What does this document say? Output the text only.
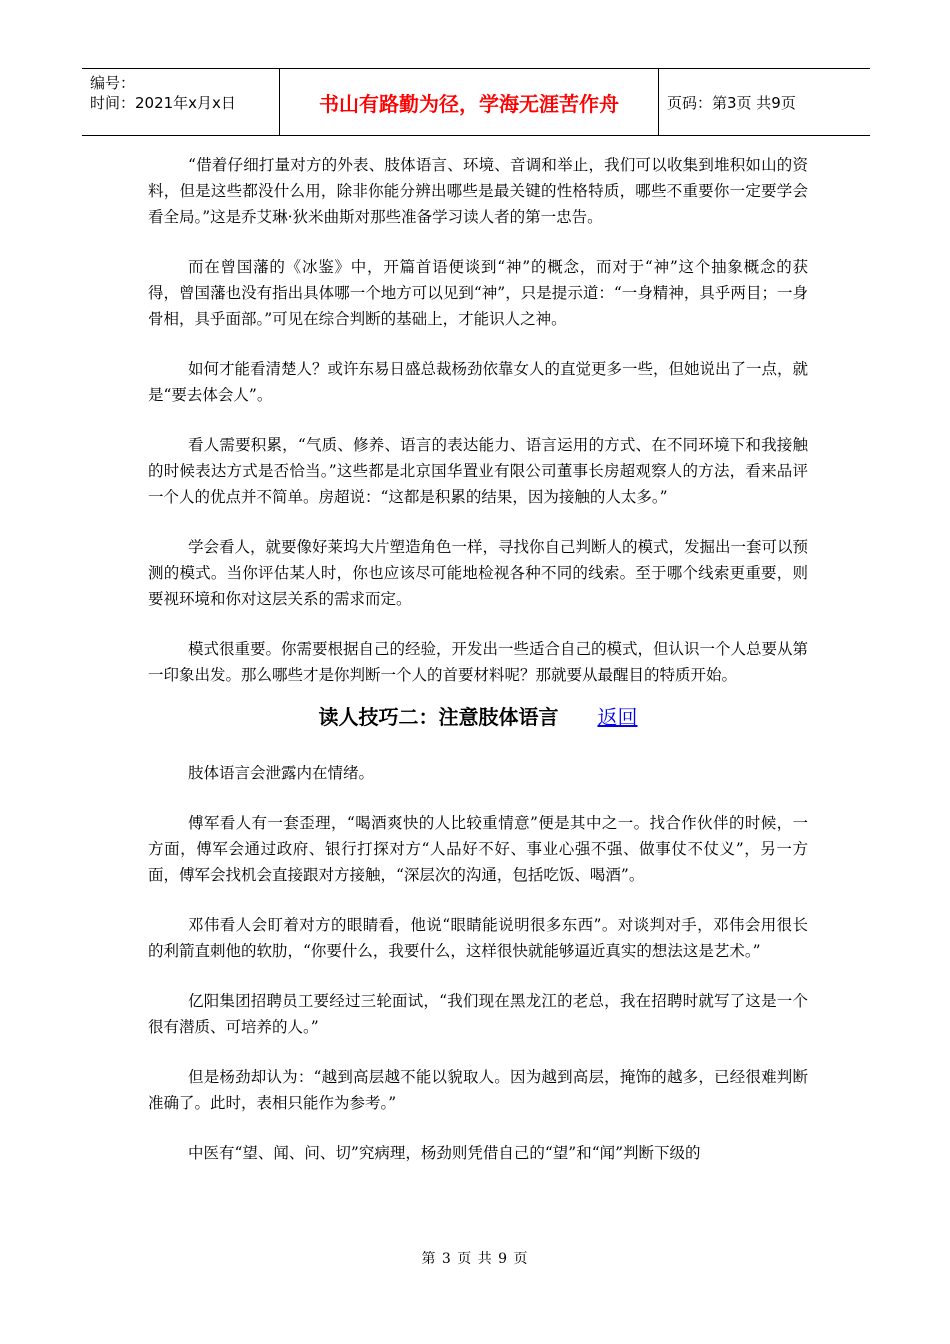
编号：
时间：2021年x月x日	书山有路勤为径，学海无涯苦作舟	页码：第3页 共9页

“借着仔细打量对方的外表、肢体语言、环境、音调和举止，我们可以收集到堆积如山的资料，但是这些都没什么用，除非你能分辨出哪些是最关键的性格特质，哪些不重要你一定要学会看全局。”这是乔艾琳·狄米曲斯对那些准备学习读人者的第一忠告。

而在曾国藩的《冰鉴》中，开篇首语便谈到“神”的概念，而对于“神”这个抽象概念的获得，曾国藩也没有指出具体哪一个地方可以见到“神”，只是提示道：“一身精神，具乎两目；一身骨相，具乎面部。”可见在综合判断的基础上，才能识人之神。

如何才能看清楚人？或许东易日盛总裁杨劲依靠女人的直觉更多一些，但她说出了一点，就是“要去体会人”。

看人需要积累，“气质、修养、语言的表达能力、语言运用的方式、在不同环境下和我接触的时候表达方式是否恰当。”这些都是北京国华置业有限公司董事长房超观察人的方法，看来品评一个人的优点并不简单。房超说：“这都是积累的结果，因为接触的人太多。”

学会看人，就要像好莱坞大片塑造角色一样，寻找你自己判断人的模式，发掘出一套可以预测的模式。当你评估某人时，你也应该尽可能地检视各种不同的线索。至于哪个线索更重要，则要视环境和你对这层关系的需求而定。

模式很重要。你需要根据自己的经验，开发出一些适合自己的模式，但认识一个人总要从第一印象出发。那么哪些才是你判断一个人的首要材料呢？那就要从最醒目的特质开始。

读人技巧二：注意肢体语言 返回

肢体语言会泄露内在情绪。

傅军看人有一套歪理，“喝酒爽快的人比较重情意”便是其中之一。找合作伙伴的时候，一方面，傅军会通过政府、银行打探对方“人品好不好、事业心强不强、做事仗不仗义”，另一方面，傅军会找机会直接跟对方接触，“深层次的沟通，包括吃饭、喝酒”。

邓伟看人会盯着对方的眼睛看，他说“眼睛能说明很多东西”。对谈判对手，邓伟会用很长的利箭直刺他的软肋，“你要什么，我要什么，这样很快就能够逼近真实的想法这是艺术。”

亿阳集团招聘员工要经过三轮面试，“我们现在黑龙江的老总，我在招聘时就写了这是一个很有潜质、可培养的人。”

但是杨劲却认为：“越到高层越不能以貌取人。因为越到高层，掩饰的越多，已经很难判断准确了。此时，表相只能作为参考。”

中医有“望、闻、问、切”究病理，杨劲则凭借自己的“望”和“闻”判断下级的

第 3 页 共 9 页
